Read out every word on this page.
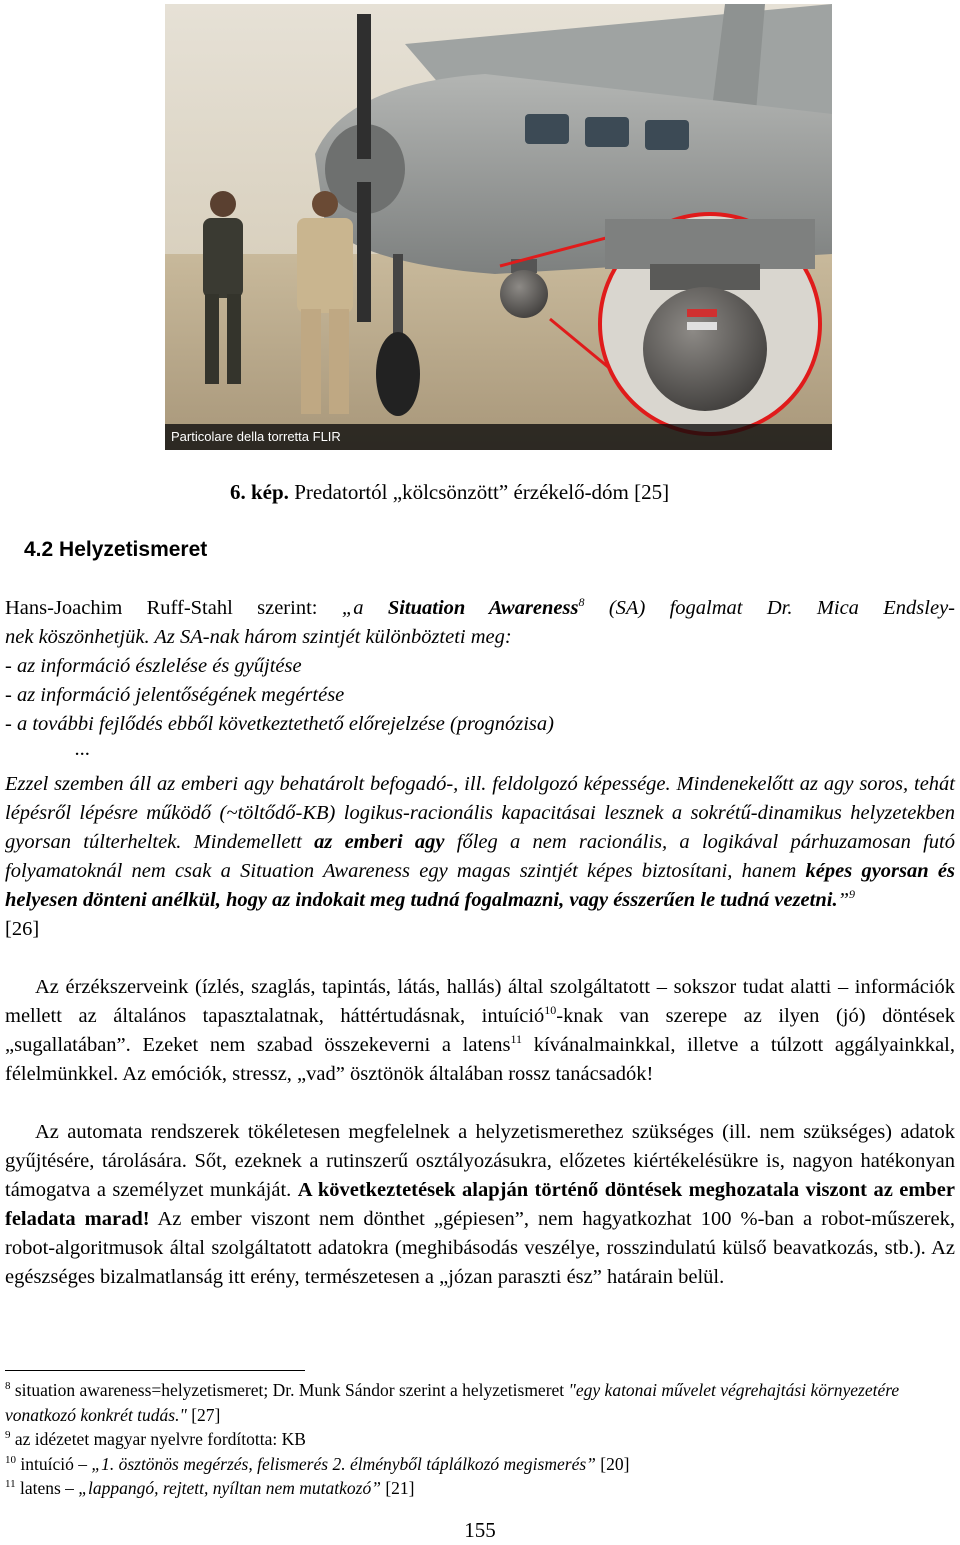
Particolare della torretta FLIR
6. kép. Predatortól „kölcsönzött” érzékelő-dóm [25]
4.2 Helyzetismeret

Hans-Joachim Ruff-Stahl szerint: „a Situation Awareness$^8$ (SA) fogalmat Dr. Mica Endsley-

nek köszönhetjük. Az SA-nak három szintjét különbözteti meg:

- az információ észlelése és gyűjtése

- az információ jelentőségének megértése

- a további fejlődés ebből következtethető előrejelzése (prognózisa)

...

Ezzel szemben áll az emberi agy behatárolt befogadó-, ill. feldolgozó képessége. Mindenekelőtt az agy soros, tehát lépésről lépésre működő (~töltődő-KB) logikus-racionális kapacitásai lesznek a sokrétű-dinamikus helyzetekben gyorsan túlterheltek. Mindemellett az emberi agy főleg a nem racionális, a logikával párhuzamosan futó folyamatoknál nem csak a Situation Awareness egy magas szintjét képes biztosítani, hanem képes gyorsan és helyesen dönteni anélkül, hogy az indokait meg tudná fogalmazni, vagy ésszerűen le tudná vezetni.”$^9$

[26]

Az érzékszerveink (ízlés, szaglás, tapintás, látás, hallás) által szolgáltatott – sokszor tudat alatti – információk mellett az általános tapasztalatnak, háttértudásnak, intuíció$^{10}$-knak van szerepe az ilyen (jó) döntések „sugallatában”. Ezeket nem szabad összekeverni a latens$^{11}$ kívánalmainkkal, illetve a túlzott aggályainkkal, félelmünkkel. Az emóciók, stressz, „vad” ösztönök általában rossz tanácsadók!

Az automata rendszerek tökéletesen megfelelnek a helyzetismerethez szükséges (ill. nem szükséges) adatok gyűjtésére, tárolására. Sőt, ezeknek a rutinszerű osztályozásukra, előzetes kiértékelésükre is, nagyon hatékonyan támogatva a személyzet munkáját. A következtetések alapján történő döntések meghozatala viszont az ember feladata marad! Az ember viszont nem dönthet „gépiesen”, nem hagyatkozhat 100 %-ban a robot-műszerek, robot-algoritmusok által szolgáltatott adatokra (meghibásodás veszélye, rosszindulatú külső beavatkozás, stb.). Az egészséges bizalmatlanság itt erény, természetesen a „józan paraszti ész” határain belül.

$^8$ situation awareness=helyzetismeret; Dr. Munk Sándor szerint a helyzetismeret "egy katonai művelet végrehajtási környezetére vonatkozó konkrét tudás." [27]

$^9$ az idézetet magyar nyelvre fordította: KB

$^{10}$ intuíció – „1. ösztönös megérzés, felismerés 2. élményből táplálkozó megismerés” [20]

$^{11}$ latens – „lappangó, rejtett, nyíltan nem mutatkozó” [21]

155
